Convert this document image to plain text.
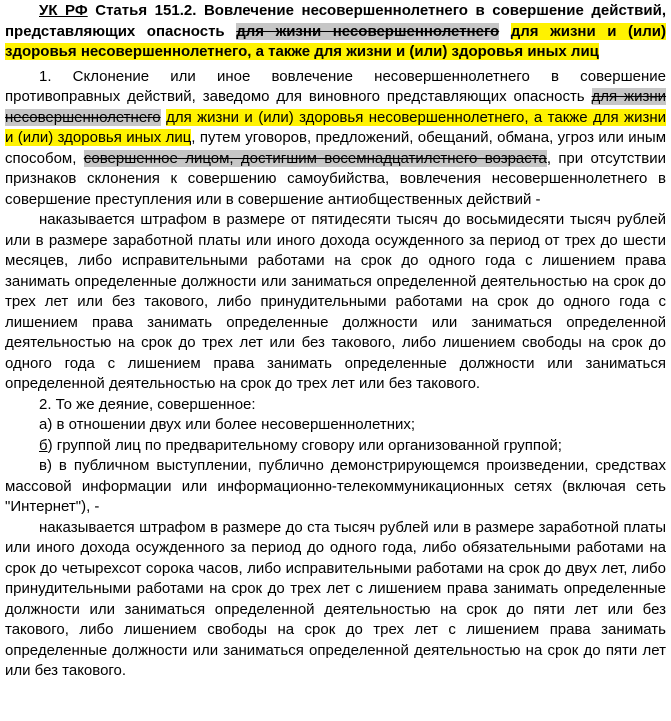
УК РФ Статья 151.2. Вовлечение несовершеннолетнего в совершение действий, представляющих опасность для жизни несовершеннолетнего для жизни и (или) здоровья несовершеннолетнего, а также для жизни и (или) здоровья иных лиц

1. Склонение или иное вовлечение несовершеннолетнего в совершение противоправных действий, заведомо для виновного представляющих опасность для жизни несовершеннолетнего для жизни и (или) здоровья несовершеннолетнего, а также для жизни и (или) здоровья иных лиц, путем уговоров, предложений, обещаний, обмана, угроз или иным способом, совершенное лицом, достигшим восемнадцатилетнего возраста, при отсутствии признаков склонения к совершению самоубийства, вовлечения несовершеннолетнего в совершение преступления или в совершение антиобщественных действий -

наказывается штрафом в размере от пятидесяти тысяч до восьмидесяти тысяч рублей или в размере заработной платы или иного дохода осужденного за период от трех до шести месяцев, либо исправительными работами на срок до одного года с лишением права занимать определенные должности или заниматься определенной деятельностью на срок до трех лет или без такового, либо принудительными работами на срок до одного года с лишением права занимать определенные должности или заниматься определенной деятельностью на срок до трех лет или без такового, либо лишением свободы на срок до одного года с лишением права занимать определенные должности или заниматься определенной деятельностью на срок до трех лет или без такового.

2. То же деяние, совершенное:

а) в отношении двух или более несовершеннолетних;

б) группой лиц по предварительному сговору или организованной группой;

в) в публичном выступлении, публично демонстрирующемся произведении, средствах массовой информации или информационно-телекоммуникационных сетях (включая сеть "Интернет"), -

наказывается штрафом в размере до ста тысяч рублей или в размере заработной платы или иного дохода осужденного за период до одного года, либо обязательными работами на срок до четырехсот сорока часов, либо исправительными работами на срок до двух лет, либо принудительными работами на срок до трех лет с лишением права занимать определенные должности или заниматься определенной деятельностью на срок до пяти лет или без такового, либо лишением свободы на срок до трех лет с лишением права занимать определенные должности или заниматься определенной деятельностью на срок до пяти лет или без такового.
